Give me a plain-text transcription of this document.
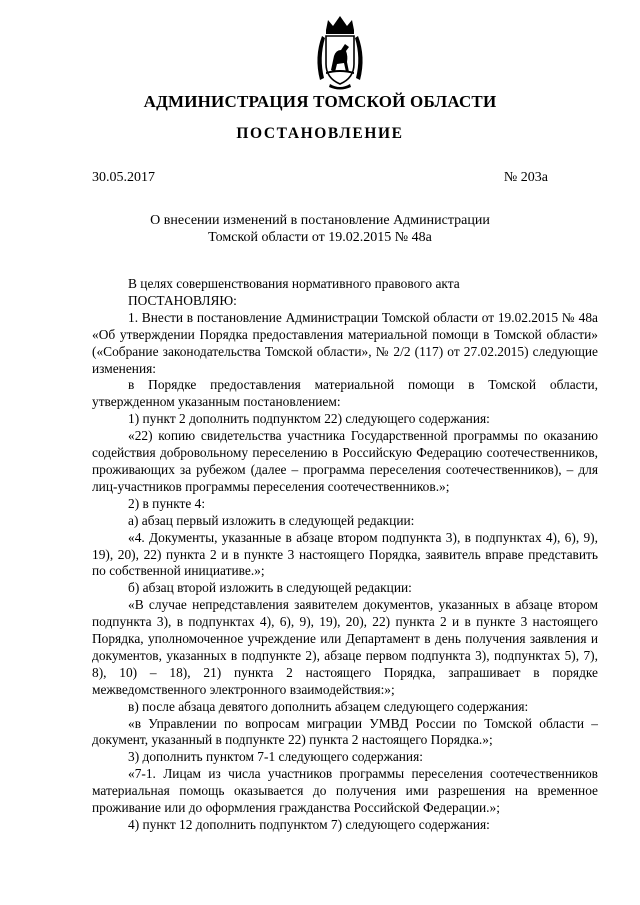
АДМИНИСТРАЦИЯ ТОМСКОЙ ОБЛАСТИ
ПОСТАНОВЛЕНИЕ
30.05.2017	№ 203а
О внесении изменений в постановление Администрации
Томской области от 19.02.2015 № 48а

В целях совершенствования нормативного правового акта

ПОСТАНОВЛЯЮ:

1. Внести в постановление Администрации Томской области от 19.02.2015 № 48а «Об утверждении Порядка предоставления материальной помощи в Томской области» («Собрание законодательства Томской области», № 2/2 (117) от 27.02.2015) следующие изменения:

в Порядке предоставления материальной помощи в Томской области, утвержденном указанным постановлением:

1) пункт 2 дополнить подпунктом 22) следующего содержания:

«22) копию свидетельства участника Государственной программы по оказанию содействия добровольному переселению в Российскую Федерацию соотечественников, проживающих за рубежом (далее – программа переселения соотечественников), – для лиц-участников программы переселения соотечественников.»;

2) в пункте 4:

а) абзац первый изложить в следующей редакции:

«4. Документы, указанные в абзаце втором подпункта 3), в подпунктах 4), 6), 9), 19), 20), 22) пункта 2 и в пункте 3 настоящего Порядка, заявитель вправе представить по собственной инициативе.»;

б) абзац второй изложить в следующей редакции:

«В случае непредставления заявителем документов, указанных в абзаце втором подпункта 3), в подпунктах 4), 6), 9), 19), 20), 22) пункта 2 и в пункте 3 настоящего Порядка, уполномоченное учреждение или Департамент в день получения заявления и документов, указанных в подпункте 2), абзаце первом подпункта 3), подпунктах 5), 7), 8), 10) – 18), 21) пункта 2 настоящего Порядка, запрашивает в порядке межведомственного электронного взаимодействия:»;

в) после абзаца девятого дополнить абзацем следующего содержания:

«в Управлении по вопросам миграции УМВД России по Томской области – документ, указанный в подпункте 22) пункта 2 настоящего Порядка.»;

3) дополнить пунктом 7-1 следующего содержания:

«7-1. Лицам из числа участников программы переселения соотечественников материальная помощь оказывается до получения ими разрешения на временное проживание или до оформления гражданства Российской Федерации.»;

4) пункт 12 дополнить подпунктом 7) следующего содержания:
